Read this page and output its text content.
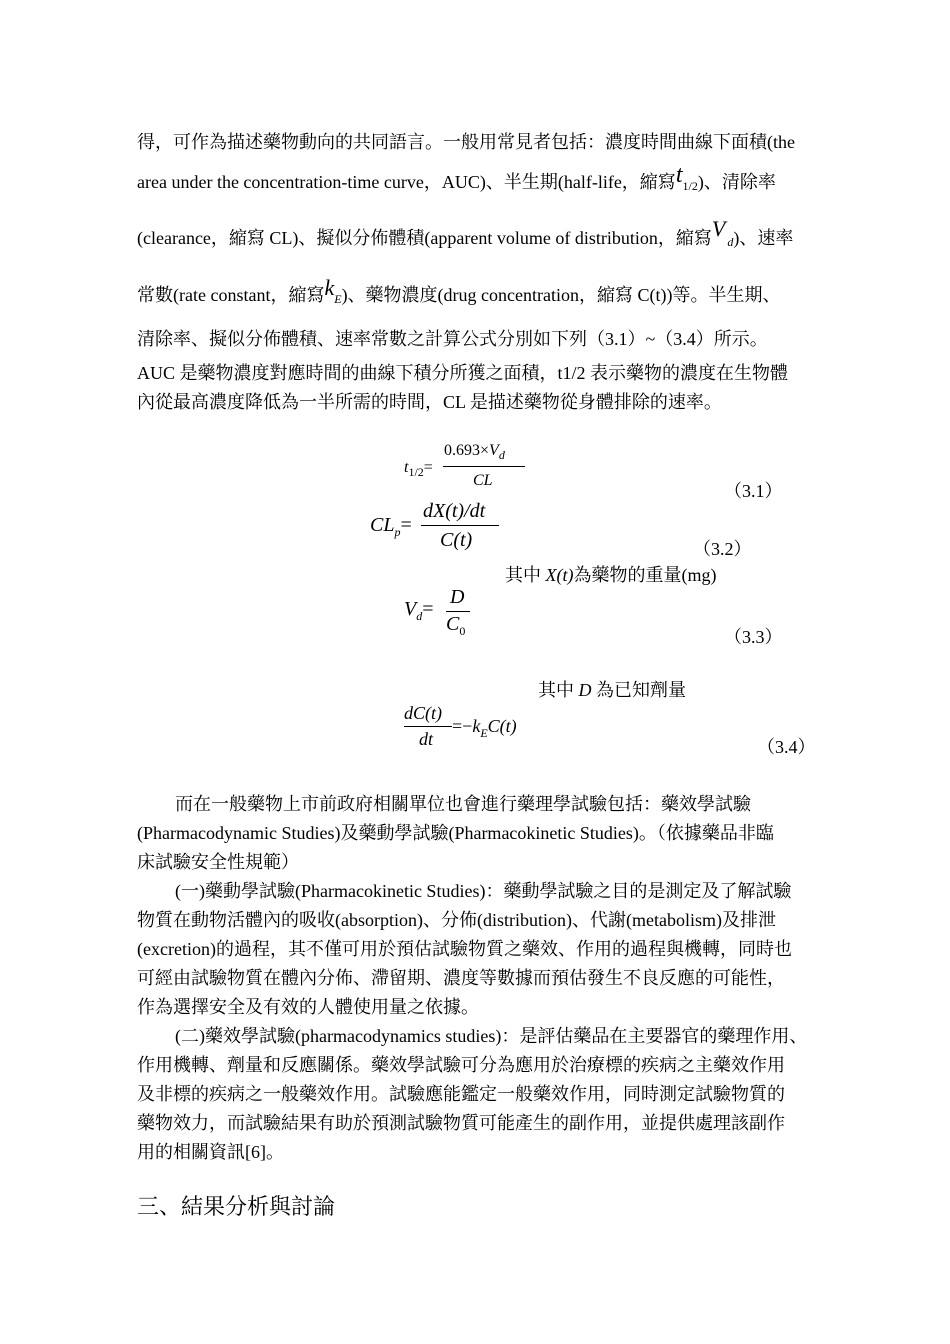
得，可作為描述藥物動向的共同語言。一般用常見者包括：濃度時間曲線下面積(the
area under the concentration-time curve，AUC)、半生期(half-life，縮寫t1/2)、清除率
(clearance，縮寫 CL)、擬似分佈體積(apparent volume of distribution，縮寫Vd)、速率
常數(rate constant，縮寫kE)、藥物濃度(drug concentration，縮寫 C(t))等。半生期、
清除率、擬似分佈體積、速率常數之計算公式分別如下列（3.1）~（3.4）所示。
AUC 是藥物濃度對應時間的曲線下積分所獲之面積，t1/2 表示藥物的濃度在生物體
內從最高濃度降低為一半所需的時間，CL 是描述藥物從身體排除的速率。
$t_{1/2}=$
$0.693\times V_d$
CL
（3.1）
$CL_p=$
dX(t)/dt
C(t)	（3.2）
其中 X(t)為藥物的重量(mg)
$V_d=$
D
$C_0$	（3.3）
其中 D 為已知劑量
dC(t)
dt
$=-k_EC(t)$
（3.4）
而在一般藥物上市前政府相關單位也會進行藥理學試驗包括：藥效學試驗
(Pharmacodynamic Studies)及藥動學試驗(Pharmacokinetic Studies)。（依據藥品非臨
床試驗安全性規範）
(一)藥動學試驗(Pharmacokinetic Studies)：藥動學試驗之目的是測定及了解試驗
物質在動物活體內的吸收(absorption)、分佈(distribution)、代謝(metabolism)及排泄
(excretion)的過程，其不僅可用於預估試驗物質之藥效、作用的過程與機轉，同時也
可經由試驗物質在體內分佈、滯留期、濃度等數據而預估發生不良反應的可能性，
作為選擇安全及有效的人體使用量之依據。
(二)藥效學試驗(pharmacodynamics studies)：是評估藥品在主要器官的藥理作用、
作用機轉、劑量和反應關係。藥效學試驗可分為應用於治療標的疾病之主藥效作用
及非標的疾病之一般藥效作用。試驗應能鑑定一般藥效作用，同時測定試驗物質的
藥物效力，而試驗結果有助於預測試驗物質可能產生的副作用，並提供處理該副作
用的相關資訊[6]。
三、結果分析與討論
